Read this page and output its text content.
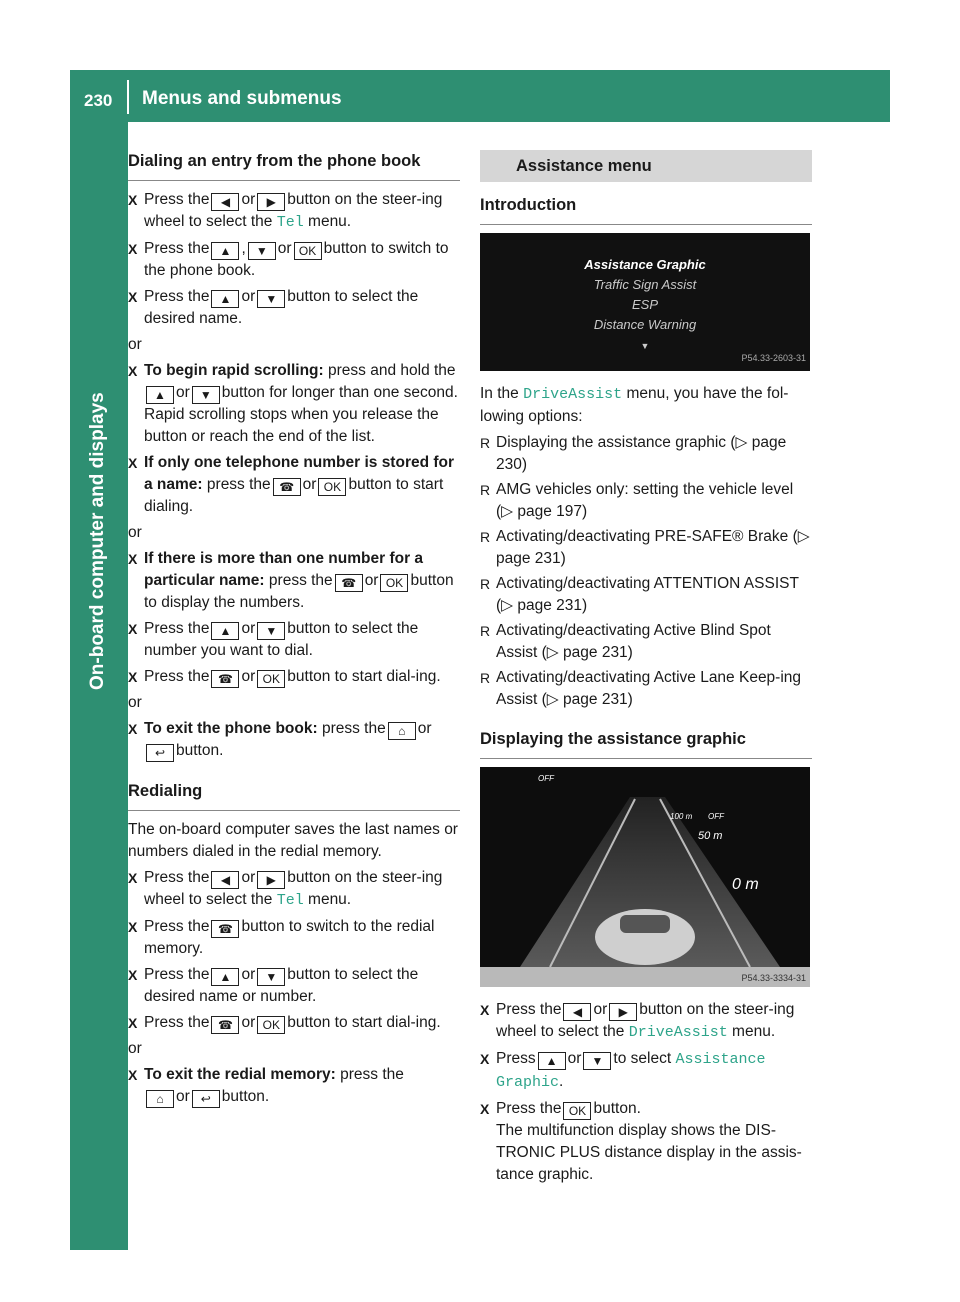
230 Menus and submenus
On-board computer and displays
Dialing an entry from the phone book
X Press the ◀ or ▶ button on the steer-ing wheel to select the Tel menu.
X Press the ▲ , ▼ or OK button to switch to the phone book.
X Press the ▲ or ▼ button to select the desired name.

or

X To begin rapid scrolling: press and hold the▲ or ▼ button for longer than one second.
Rapid scrolling stops when you release the button or reach the end of the list.
X If only one telephone number is stored for a name: press the ☎ or OK button to start dialing.

or

X If there is more than one number for a particular name: press the ☎ or OK button to display the numbers.
X Press the ▲ or ▼ button to select the number you want to dial.
X Press the ☎ or OK button to start dial-ing.

or

X To exit the phone book: press the ⌂ or
↩ button.
Redialing

The on-board computer saves the last names or numbers dialed in the redial memory.

X Press the ◀ or ▶ button on the steer-ing wheel to select the Tel menu.
X Press the ☎ button to switch to the redial memory.
X Press the ▲ or ▼ button to select the desired name or number.
X Press the ☎ or OK button to start dial-ing.

or

X To exit the redial memory: press the
⌂ or ↩ button.
Assistance menu
Introduction
Assistance Graphic
Traffic Sign Assist
ESP
Distance Warning
▼
P54.33-2603-31

In the DriveAssist menu, you have the fol-lowing options:

R Displaying the assistance graphic (▷ page 230)
R AMG vehicles only: setting the vehicle level (▷ page 197)
R Activating/deactivating PRE-SAFE® Brake (▷ page 231)
R Activating/deactivating ATTENTION ASSIST (▷ page 231)
R Activating/deactivating Active Blind Spot Assist (▷ page 231)
R Activating/deactivating Active Lane Keep-ing Assist (▷ page 231)
Displaying the assistance graphic
OFF
100 m OFF
50 m
0 m
P54.33-3334-31
X Press the ◀ or ▶ button on the steer-ing wheel to select the DriveAssist menu.
X Press ▲ or ▼ to select Assistance Graphic.
X Press the OK button.
The multifunction display shows the DIS-TRONIC PLUS distance display in the assis-tance graphic.
